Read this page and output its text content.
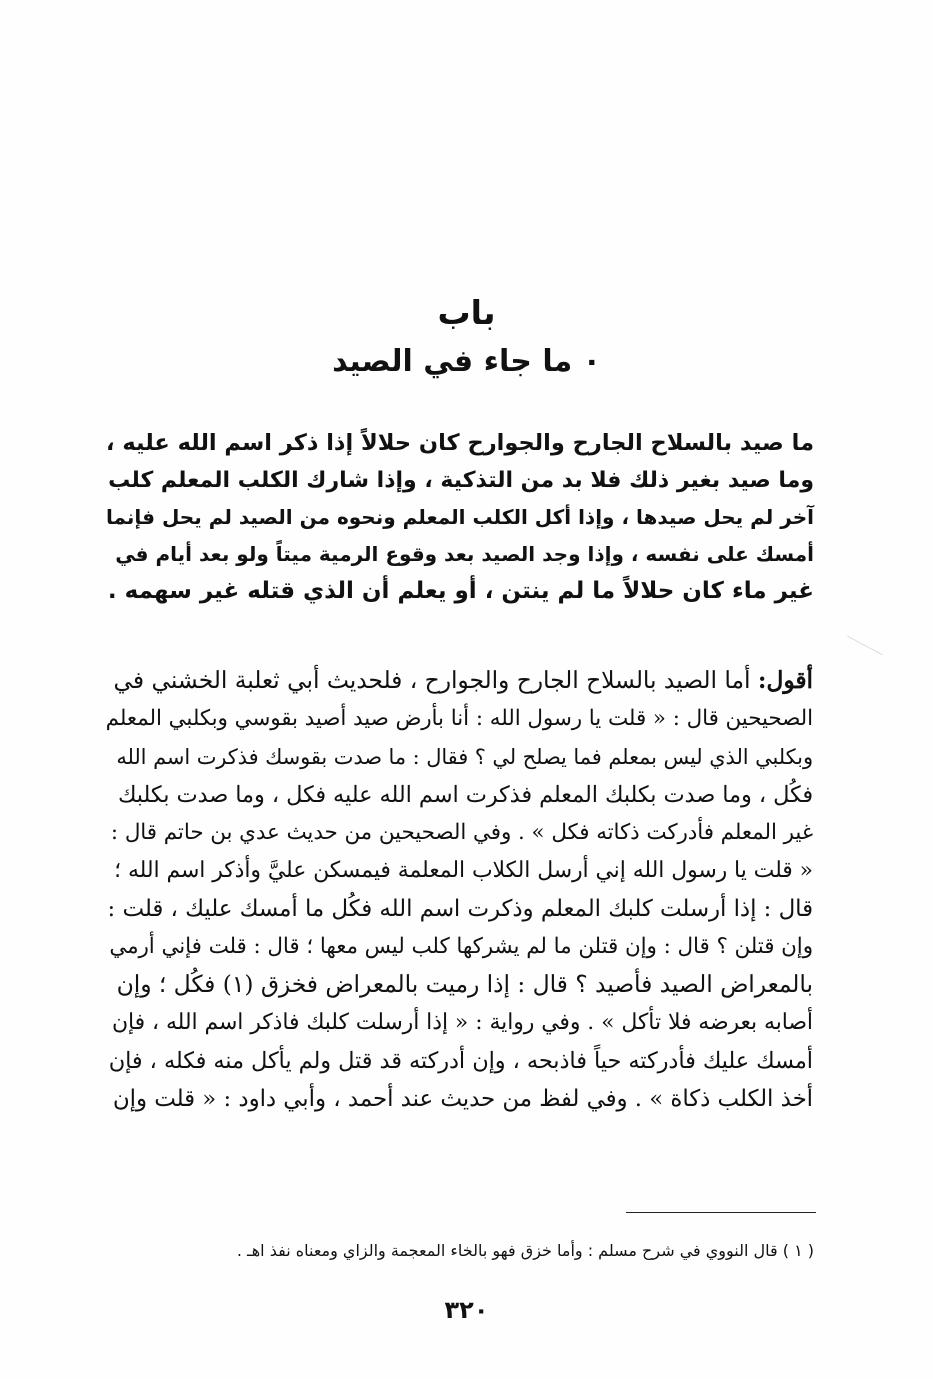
باب
٠ ما جاء في الصيد
ما صيد بالسلاح الجارح والجوارح كان حلالاً إذا ذكر اسم الله عليه ،
وما صيد بغير ذلك فلا بد من التذكية ، وإذا شارك الكلب المعلم كلب
آخر لم يحل صيدها ، وإذا أكل الكلب المعلم ونحوه من الصيد لم يحل فإنما
أمسك على نفسه ، وإذا وجد الصيد بعد وقوع الرمية ميتاً ولو بعد أيام في
غير ماء كان حلالاً ما لم ينتن ، أو يعلم أن الذي قتله غير سهمه .
أقول: أما الصيد بالسلاح الجارح والجوارح ، فلحديث أبي ثعلبة الخشني في
الصحيحين قال : « قلت يا رسول الله : أنا بأرض صيد أصيد بقوسي وبكلبي المعلم
وبكلبي الذي ليس بمعلم فما يصلح لي ؟ فقال : ما صدت بقوسك فذكرت اسم الله
فكُل ، وما صدت بكلبك المعلم فذكرت اسم الله عليه فكل ، وما صدت بكلبك
غير المعلم فأدركت ذكاته فكل » . وفي الصحيحين من حديث عدي بن حاتم قال :
« قلت يا رسول الله إني أرسل الكلاب المعلمة فيمسكن عليَّ وأذكر اسم الله ؛
قال : إذا أرسلت كلبك المعلم وذكرت اسم الله فكُل ما أمسك عليك ، قلت :
وإن قتلن ؟ قال : وإن قتلن ما لم يشركها كلب ليس معها ؛ قال : قلت فإني أرمي
بالمعراض الصيد فأصيد ؟ قال : إذا رميت بالمعراض فخزق (١) فكُل ؛ وإن
أصابه بعرضه فلا تأكل » . وفي رواية : « إذا أرسلت كلبك فاذكر اسم الله ، فإن
أمسك عليك فأدركته حياً فاذبحه ، وإن أدركته قد قتل ولم يأكل منه فكله ، فإن
أخذ الكلب ذكاة » . وفي لفظ من حديث عند أحمد ، وأبي داود : « قلت وإن
( ١ ) قال النووي في شرح مسلم : وأما خزق فهو بالخاء المعجمة والزاي ومعناه نفذ اهـ .
٣٢٠
